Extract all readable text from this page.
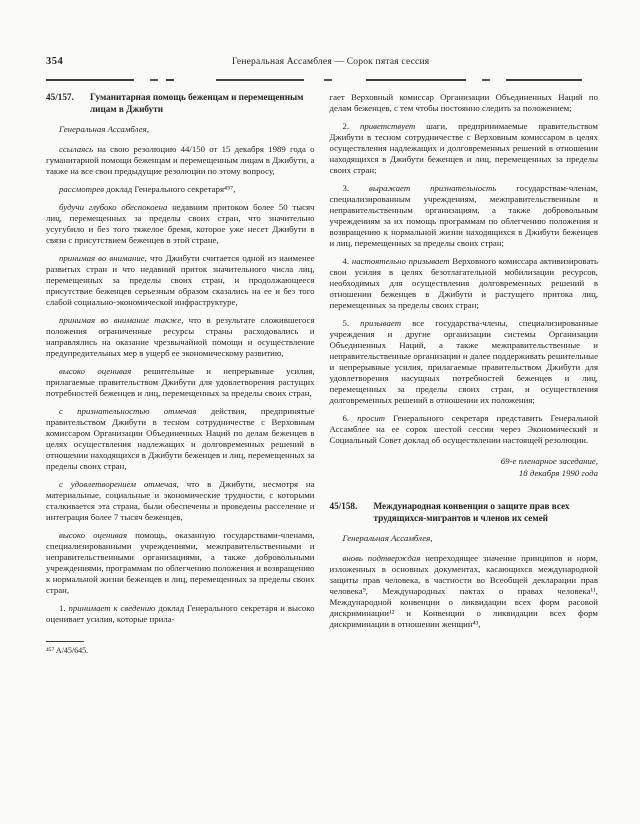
354	Генеральная Ассамблея — Сорок пятая сессия
45/157.	Гуманитарная помощь беженцам и перемещенным лицам в Джибути

Генеральная Ассамблея,

ссылаясь на свою резолюцию 44/150 от 15 декабря 1989 года о гуманитарной помощи беженцам и перемещенным лицам в Джибути, а также на все свои предыдущие резолюции по этому вопросу,

рассмотрев доклад Генерального секретаря⁴⁵⁷,

будучи глубоко обеспокоена недавним притоком более 50 тысяч лиц, перемещенных за пределы своих стран, что значительно усугубило и без того тяжелое бремя, которое уже несет Джибути в связи с присутствием беженцев в этой стране,

принимая во внимание, что Джибути считается одной из наименее развитых стран и что недавний приток значительного числа лиц, перемещенных за пределы своих стран, и продолжающееся присутствие беженцев серьезным образом сказались на ее и без того слабой социально-экономической инфраструктуре,

принимая во внимание также, что в результате сложившегося положения ограниченные ресурсы страны расходовались и направлялись на оказание чрезвычайной помощи и осуществление предупредительных мер в ущерб ее экономическому развитию,

высоко оценивая решительные и непрерывные усилия, прилагаемые правительством Джибути для удовлетворения растущих потребностей беженцев и лиц, перемещенных за пределы своих стран,

с признательностью отмечая действия, предпринятые правительством Джибути в тесном сотрудничестве с Верховным комиссаром Организации Объединенных Наций по делам беженцев в целях осуществления надлежащих и долговременных решений в отношении находящихся в Джибути беженцев и лиц, перемещенных за пределы своих стран,

с удовлетворением отмечая, что в Джибути, несмотря на материальные, социальные и экономические трудности, с которыми сталкивается эта страна, были обеспечены и проведены расселение и интеграция более 7 тысяч беженцев,

высоко оценивая помощь, оказанную государствами-членами, специализированными учреждениями, межправительственными и неправительственными организациями, а также добровольными учреждениями, программам по облегчению положения и возвращению к нормальной жизни беженцев и лиц, перемещенных за пределы своих стран,

1. принимает к сведению доклад Генерального секретаря и высоко оценивает усилия, которые прила-

⁴⁵⁷ A/45/645.

гает Верховный комиссар Организации Объединенных Наций по делам беженцев, с тем чтобы постоянно следить за положением;

2. приветствует шаги, предпринимаемые правительством Джибути в тесном сотрудничестве с Верховным комиссаром в целях осуществления надлежащих и долговременных решений в отношении находящихся в Джибути беженцев и лиц, перемещенных за пределы своих стран;

3. выражает признательность государствам-членам, специализированным учреждениям, межправительственным и неправительственным организациям, а также добровольным учреждениям за их помощь программам по облегчению положения и возвращению к нормальной жизни находящихся в Джибути беженцев и лиц, перемещенных за пределы своих стран;

4. настоятельно призывает Верховного комиссара активизировать свои усилия в целях безотлагательной мобилизации ресурсов, необходимых для осуществления долговременных решений в отношении беженцев в Джибути и растущего притока лиц, перемещенных за пределы своих стран;

5. призывает все государства-члены, специализированные учреждения и другие организации системы Организации Объединенных Наций, а также межправительственные и неправительственные организации и далее поддерживать решительные и непрерывные усилия, прилагаемые правительством Джибути для удовлетворения насущных потребностей беженцев и лиц, перемещенных за пределы своих стран, и осуществления долговременных решений в отношении их положения;

6. просит Генерального секретаря представить Генеральной Ассамблее на ее сорок шестой сессии через Экономический и Социальный Совет доклад об осуществлении настоящей резолюции.

69-е пленарное заседание,
18 декабря 1990 года
45/158.	Международная конвенция о защите прав всех трудящихся-мигрантов и членов их семей

Генеральная Ассамблея,

вновь подтверждая непреходящее значение принципов и норм, изложенных в основных документах, касающихся международной защиты прав человека, в частности во Всеобщей декларации прав человека⁹, Международных пактах о правах человека¹¹, Международной конвенции о ликвидации всех форм расовой дискриминации¹² и Конвенции о ликвидации всех форм дискриминации в отношении женщин⁴³,
